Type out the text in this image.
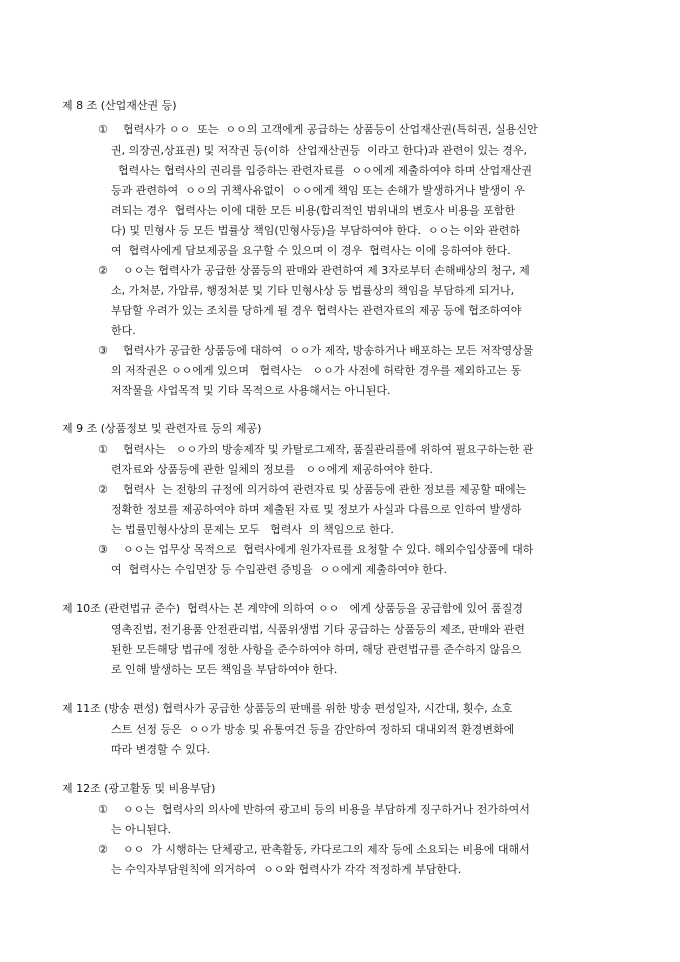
제 8 조 (산업재산권 등)
① 협력사가 ㅇㅇ  또는  ㅇㅇ의 고객에게 공급하는 상품등이 산업재산권(특허권, 실용신안
권, 의장권,상표권) 및 저작권 등(이하  산업재산권등  이라고 한다)과 관련이 있는 경우,
협력사는 협력사의 권리를 입증하는 관련자료를  ㅇㅇ에게 제출하여야 하며 산업재산권
등과 관련하여  ㅇㅇ의 귀책사유없이  ㅇㅇ에게 책임 또는 손해가 발생하거나 발생이 우
려되는 경우  협력사는 이에 대한 모든 비용(합리적인 범위내의 변호사 비용을 포함한
다) 및 민형사 등 모든 법률상 책임(민형사등)을 부담하여야 한다.  ㅇㅇ는 이와 관련하
여  협력사에게 담보제공을 요구할 수 있으며 이 경우  협력사는 이에 응하여야 한다.
② ㅇㅇ는 협력사가 공급한 상품등의 판매와 관련하여 제 3자로부터 손해배상의 청구, 제
소, 가처분, 가압류, 행정처분 및 기타 민형사상 등 법률상의 책임을 부담하게 되거나,
부담할 우려가 있는 조치를 당하게 될 경우 협력사는 관련자료의 제공 등에 협조하여야
한다.
③ 협력사가 공급한 상품등에 대하여  ㅇㅇ가 제작, 방송하거나 배포하는 모든 저작영상물
의 저작권은 ㅇㅇ에게 있으며   협력사는   ㅇㅇ가 사전에 허락한 경우를 제외하고는 동
저작물을 사업목적 및 기타 목적으로 사용해서는 아니된다.
제 9 조 (상품정보 및 관련자료 등의 제공)
① 협력사는   ㅇㅇ가의 방송제작 및 카탈로그제작, 품질관리를에 위하여 필요구하는한 관
련자료와 상품등에 관한 일체의 정보를   ㅇㅇ에게 제공하여야 한다.
② 협력사  는 전항의 규정에 의거하여 관련자료 및 상품등에 관한 정보를 제공할 때에는
정확한 정보를 제공하여야 하며 제출된 자료 및 정보가 사실과 다름으로 인하여 발생하
는 법률민형사상의 문제는 모두   협력사  의 책임으로 한다.
③ ㅇㅇ는 업무상 목적으로  협력사에게 원가자료를 요청할 수 있다. 해외수입상품에 대하
여  협력사는 수입면장 등 수입관련 증빙을  ㅇㅇ에게 제출하여야 한다.
제 10조 (관련법규 준수)  협력사는 본 계약에 의하여 ㅇㅇ   에게 상품등을 공급함에 있어 품질경
영촉진법, 전기용품 안전관리법, 식품위생법 기타 공급하는 상품등의 제조, 판매와 관련
된한 모든해당 법규에 정한 사항을 준수하여야 하며, 해당 관련법규를 준수하지 않음으
로 인해 발생하는 모든 책임을 부담하여야 한다.
제 11조 (방송 편성) 협력사가 공급한 상품등의 판매를 위한 방송 편성일자, 시간대, 횟수, 쇼호
스트 선정 등은  ㅇㅇ가 방송 및 유통여건 등을 감안하여 정하되 대내외적 환경변화에
따라 변경할 수 있다.
제 12조 (광고활동 및 비용부담)
① ㅇㅇ는  협력사의 의사에 반하여 광고비 등의 비용을 부담하게 징구하거나 전가하여서
는 아니된다.
② ㅇㅇ  가 시행하는 단체광고, 판촉활동, 카다로그의 제작 등에 소요되는 비용에 대해서
는 수익자부담원칙에 의거하여  ㅇㅇ와 협력사가 각각 적정하게 부담한다.
